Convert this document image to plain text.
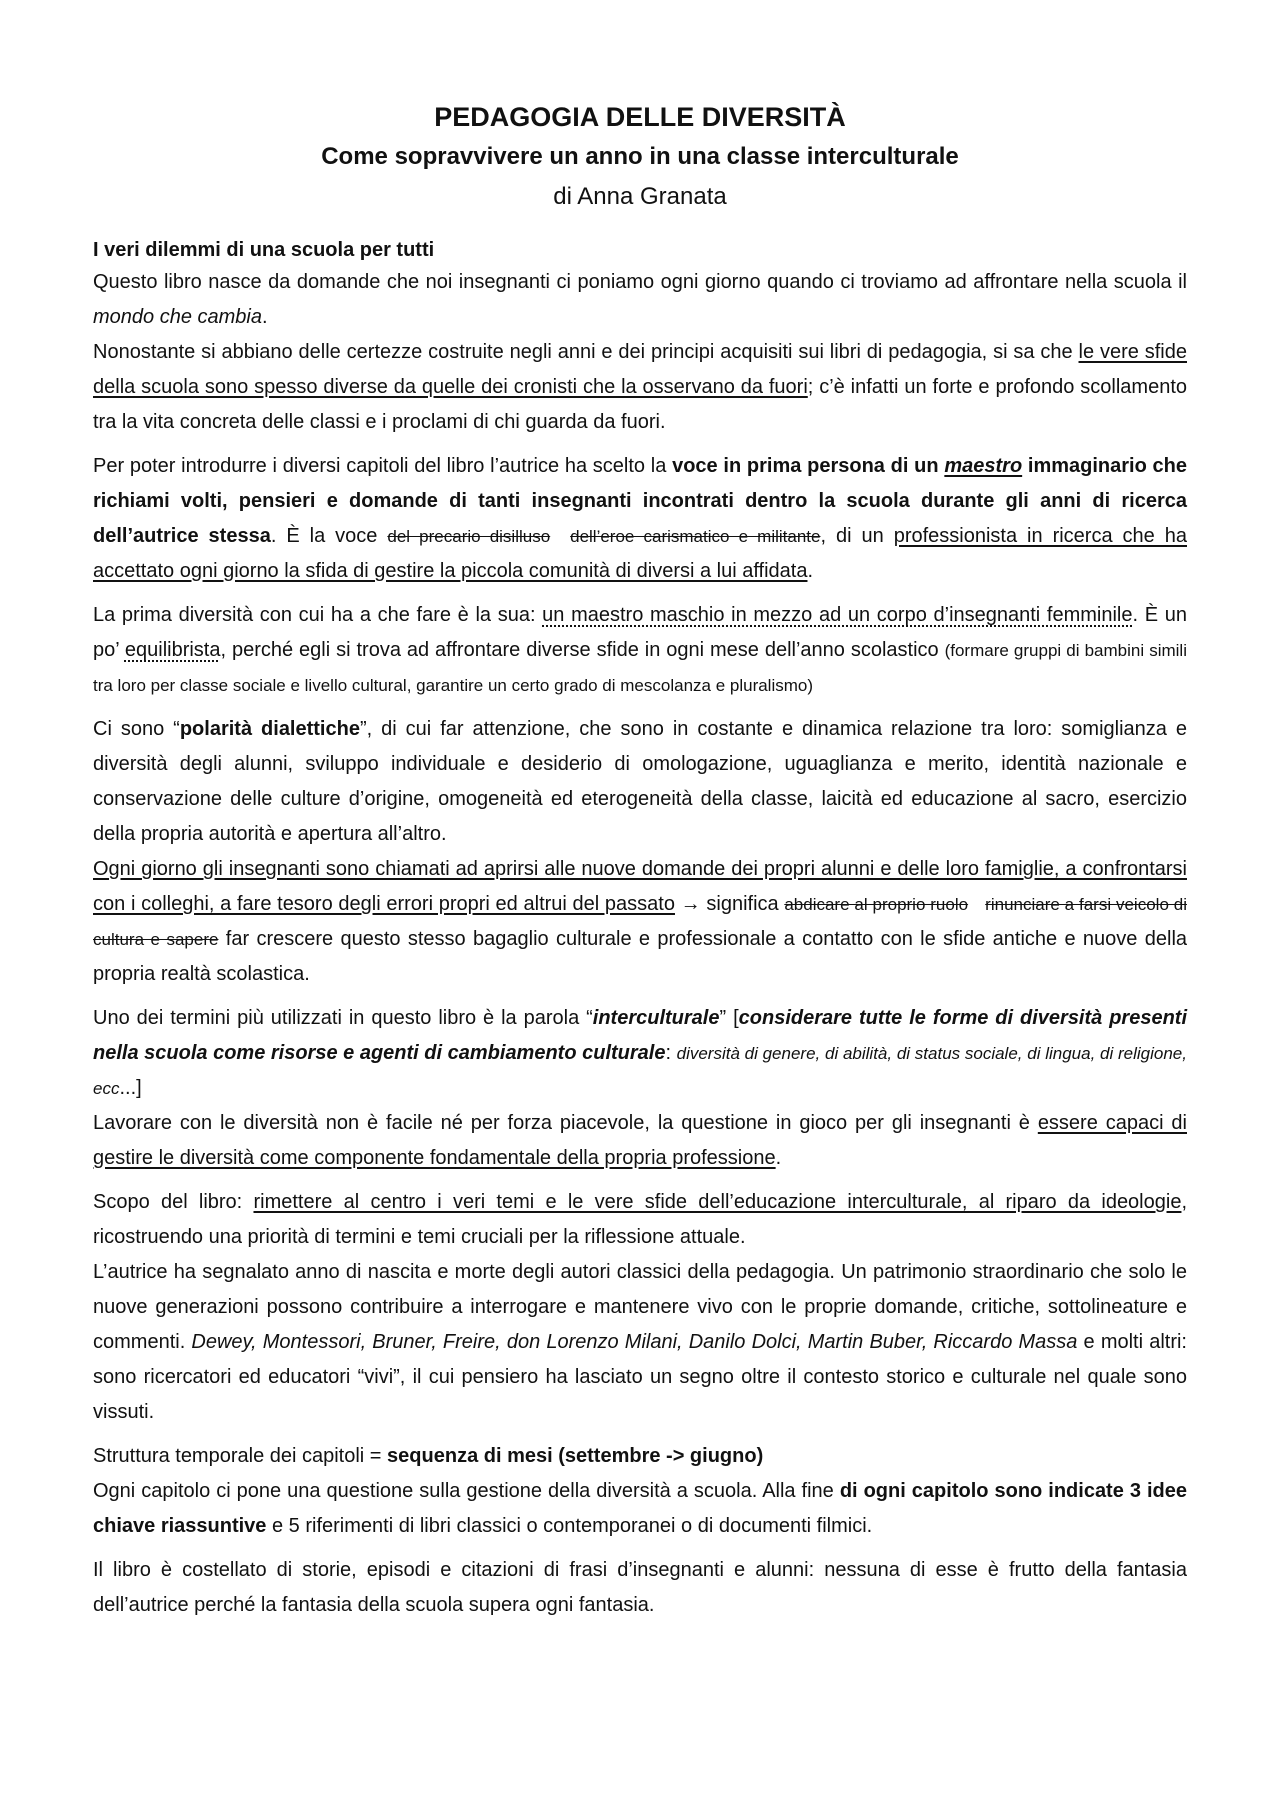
PEDAGOGIA DELLE DIVERSITÀ
Come sopravvivere un anno in una classe interculturale
di Anna Granata
I veri dilemmi di una scuola per tutti

Questo libro nasce da domande che noi insegnanti ci poniamo ogni giorno quando ci troviamo ad affrontare nella scuola il mondo che cambia.

Nonostante si abbiano delle certezze costruite negli anni e dei principi acquisiti sui libri di pedagogia, si sa che le vere sfide della scuola sono spesso diverse da quelle dei cronisti che la osservano da fuori; c’è infatti un forte e profondo scollamento tra la vita concreta delle classi e i proclami di chi guarda da fuori.

Per poter introdurre i diversi capitoli del libro l’autrice ha scelto la voce in prima persona di un maestro immaginario che richiami volti, pensieri e domande di tanti insegnanti incontrati dentro la scuola durante gli anni di ricerca dell’autrice stessa. È la voce del precario disilluso dell’eroe carismatico e militante, di un professionista in ricerca che ha accettato ogni giorno la sfida di gestire la piccola comunità di diversi a lui affidata.

La prima diversità con cui ha a che fare è la sua: un maestro maschio in mezzo ad un corpo d’insegnanti femminile. È un po’ equilibrista, perché egli si trova ad affrontare diverse sfide in ogni mese dell’anno scolastico (formare gruppi di bambini simili tra loro per classe sociale e livello cultural, garantire un certo grado di mescolanza e pluralismo)

Ci sono “polarità dialettiche”, di cui far attenzione, che sono in costante e dinamica relazione tra loro: somiglianza e diversità degli alunni, sviluppo individuale e desiderio di omologazione, uguaglianza e merito, identità nazionale e conservazione delle culture d’origine, omogeneità ed eterogeneità della classe, laicità ed educazione al sacro, esercizio della propria autorità e apertura all’altro.

Ogni giorno gli insegnanti sono chiamati ad aprirsi alle nuove domande dei propri alunni e delle loro famiglie, a confrontarsi con i colleghi, a fare tesoro degli errori propri ed altrui del passato → significa abdicare al proprio ruolo rinunciare a farsi veicolo di cultura e sapere far crescere questo stesso bagaglio culturale e professionale a contatto con le sfide antiche e nuove della propria realtà scolastica.

Uno dei termini più utilizzati in questo libro è la parola “interculturale” [considerare tutte le forme di diversità presenti nella scuola come risorse e agenti di cambiamento culturale: diversità di genere, di abilità, di status sociale, di lingua, di religione, ecc...]

Lavorare con le diversità non è facile né per forza piacevole, la questione in gioco per gli insegnanti è essere capaci di gestire le diversità come componente fondamentale della propria professione.

Scopo del libro: rimettere al centro i veri temi e le vere sfide dell’educazione interculturale, al riparo da ideologie, ricostruendo una priorità di termini e temi cruciali per la riflessione attuale.

L’autrice ha segnalato anno di nascita e morte degli autori classici della pedagogia. Un patrimonio straordinario che solo le nuove generazioni possono contribuire a interrogare e mantenere vivo con le proprie domande, critiche, sottolineature e commenti. Dewey, Montessori, Bruner, Freire, don Lorenzo Milani, Danilo Dolci, Martin Buber, Riccardo Massa e molti altri: sono ricercatori ed educatori “vivi”, il cui pensiero ha lasciato un segno oltre il contesto storico e culturale nel quale sono vissuti.

Struttura temporale dei capitoli = sequenza di mesi (settembre -> giugno)

Ogni capitolo ci pone una questione sulla gestione della diversità a scuola. Alla fine di ogni capitolo sono indicate 3 idee chiave riassuntive e 5 riferimenti di libri classici o contemporanei o di documenti filmici.

Il libro è costellato di storie, episodi e citazioni di frasi d’insegnanti e alunni: nessuna di esse è frutto della fantasia dell’autrice perché la fantasia della scuola supera ogni fantasia.
